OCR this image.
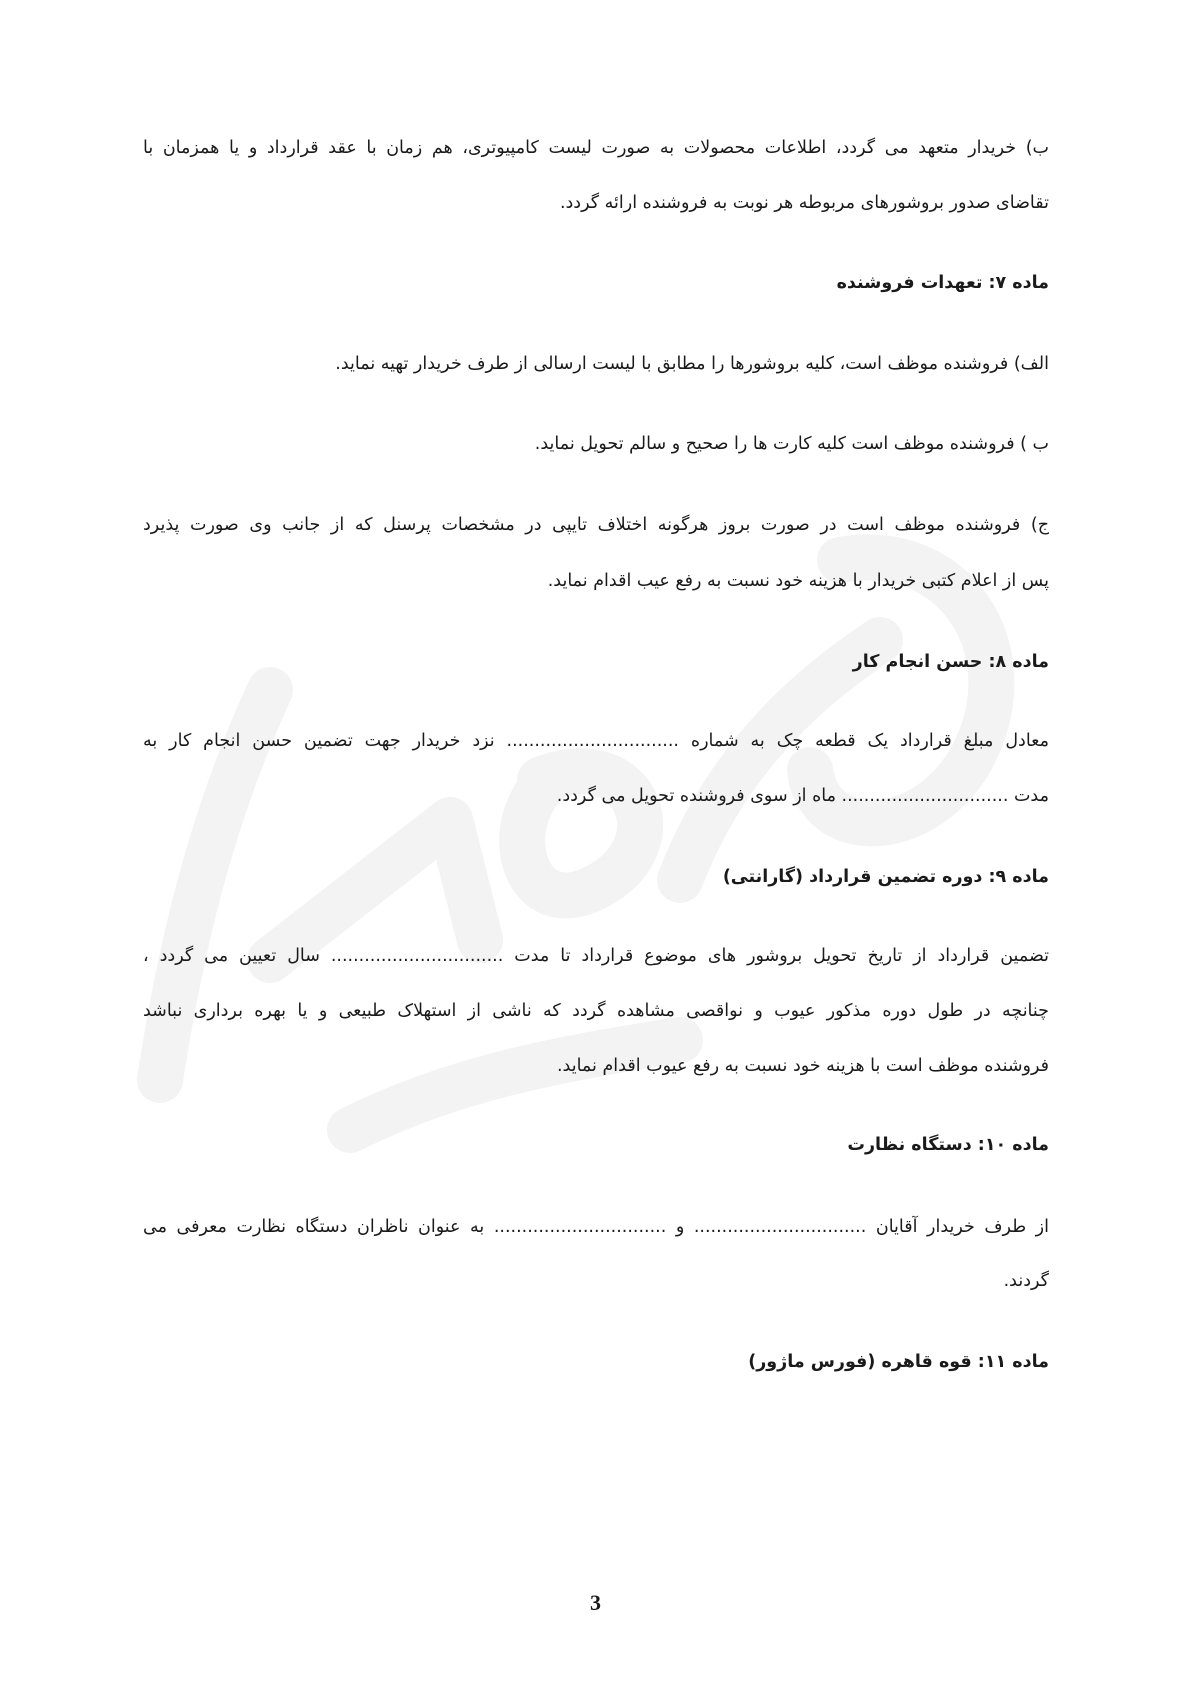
ب) خریدار متعهد می گردد، اطلاعات محصولات به صورت لیست کامپیوتری، هم زمان با عقد قرارداد و یا همزمان با
تقاضای صدور بروشورهای مربوطه هر نوبت به فروشنده ارائه گردد.
ماده ۷: تعهدات فروشنده
الف) فروشنده موظف است، کلیه بروشورها را مطابق با لیست ارسالی از طرف خریدار تهیه نماید.
ب ) فروشنده موظف است کلیه کارت ها را صحیح و سالم تحویل نماید.
ج) فروشنده موظف است در صورت بروز هرگونه اختلاف تایپی در مشخصات پرسنل که از جانب وی صورت پذیرد
پس از اعلام کتبی خریدار با هزینه خود نسبت به رفع عیب اقدام نماید.
ماده ۸: حسن انجام کار
معادل مبلغ قرارداد یک قطعه چک به شماره ............................... نزد خریدار جهت تضمین حسن انجام کار به
مدت .............................. ماه از سوی فروشنده تحویل می گردد.
ماده ۹: دوره تضمین قرارداد (گارانتی)
تضمین قرارداد از تاریخ تحویل بروشور های موضوع قرارداد تا مدت ............................... سال تعیین می گردد ،
چنانچه در طول دوره مذکور عیوب و نواقصی مشاهده گردد که ناشی از استهلاک طبیعی و یا بهره برداری نباشد
فروشنده موظف است با هزینه خود نسبت به رفع عیوب اقدام نماید.
ماده ۱۰: دستگاه نظارت
از طرف خریدار آقایان ............................... و ............................... به عنوان ناظران دستگاه نظارت معرفی می
گردند.
ماده ۱۱: قوه قاهره (فورس ماژور)
3
